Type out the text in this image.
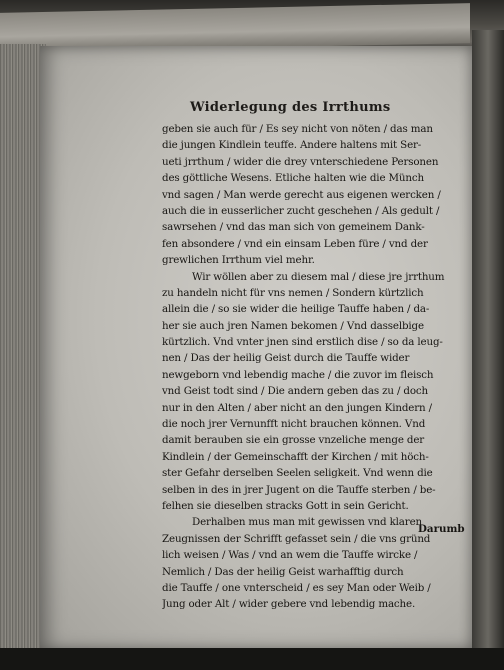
Widerlegung des Irrthums
geben sie auch für / Es sey nicht von nöten / das man
die jungen Kindlein teuffe. Andere haltens mit Ser-
ueti jrrthum / wider die drey vnterschiedene Personen
des göttliche Wesens. Etliche halten wie die Münch
vnd sagen / Man werde gerecht aus eigenen wercken /
auch die in eusserlicher zucht geschehen / Als gedult /
sawrsehen / vnd das man sich von gemeinem Dank-
fen absondere / vnd ein einsam Leben füre / vnd der
grewlichen Irrthum viel mehr.
Wir wöllen aber zu diesem mal / diese jre jrrthum
zu handeln nicht für vns nemen / Sondern kürtzlich
allein die / so sie wider die heilige Tauffe haben / da-
her sie auch jren Namen bekomen / Vnd dasselbige
kürtzlich. Vnd vnter jnen sind erstlich dise / so da leug-
nen / Das der heilig Geist durch die Tauffe wider
newgeborn vnd lebendig mache / die zuvor im fleisch
vnd Geist todt sind / Die andern geben das zu / doch
nur in den Alten / aber nicht an den jungen Kindern /
die noch jrer Vernunfft nicht brauchen können. Vnd
damit berauben sie ein grosse vnzeliche menge der
Kindlein / der Gemeinschafft der Kirchen / mit höch-
ster Gefahr derselben Seelen seligkeit. Vnd wenn die
selben in des in jrer Jugent on die Tauffe sterben / be-
felhen sie dieselben stracks Gott in sein Gericht.
Derhalben mus man mit gewissen vnd klaren
Zeugnissen der Schrifft gefasset sein / die vns gründ
lich weisen / Was / vnd an wem die Tauffe wircke /
Nemlich / Das der heilig Geist warhafftig durch
die Tauffe / one vnterscheid / es sey Man oder Weib /
Jung oder Alt / wider gebere vnd lebendig mache.
Darumb
